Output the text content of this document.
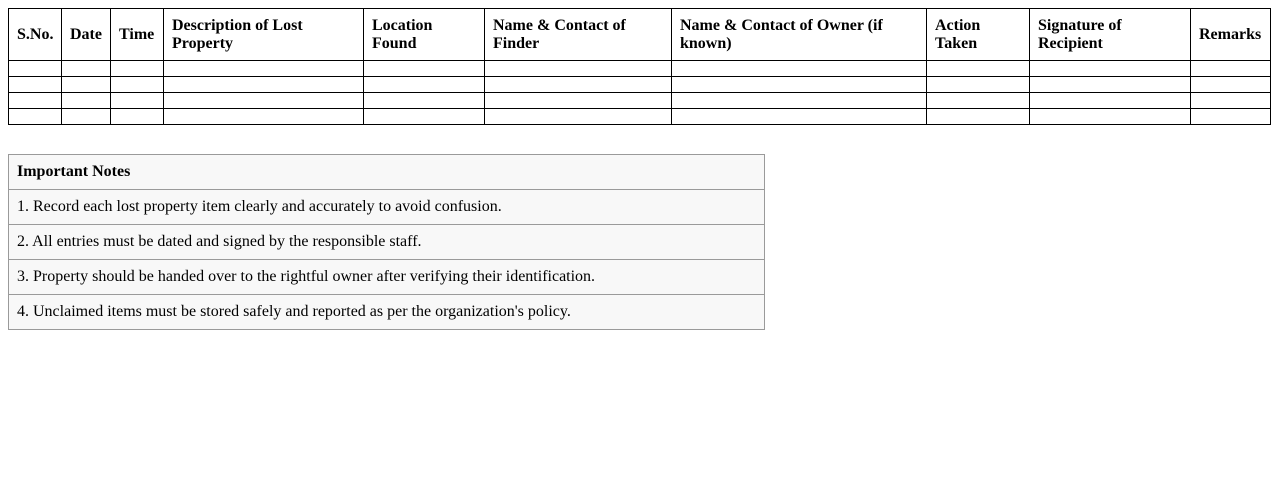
S.No.	Date	Time	Description of Lost Property	Location Found	Name & Contact of Finder	Name & Contact of Owner (if known)	Action Taken	Signature of Recipient	Remarks

Important Notes
1. Record each lost property item clearly and accurately to avoid confusion.
2. All entries must be dated and signed by the responsible staff.
3. Property should be handed over to the rightful owner after verifying their identification.
4. Unclaimed items must be stored safely and reported as per the organization's policy.
